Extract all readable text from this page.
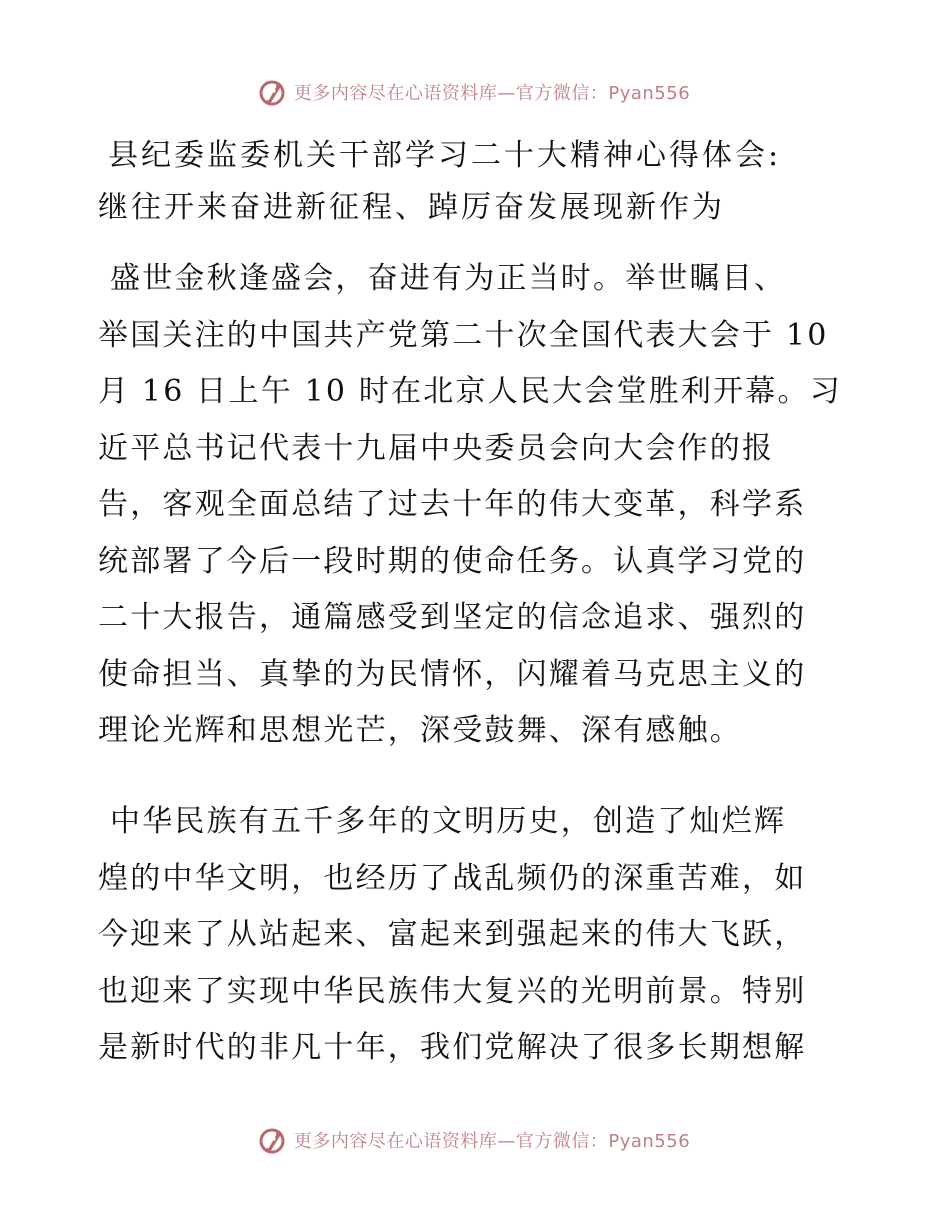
更多内容尽在心语资料库—官方微信：Pyan556
县纪委监委机关干部学习二十大精神心得体会:
继往开来奋进新征程、踔厉奋发展现新作为
盛世金秋逢盛会，奋进有为正当时。举世瞩目、
举国关注的中国共产党第二十次全国代表大会于 10
月 16 日上午 10 时在北京人民大会堂胜利开幕。习
近平总书记代表十九届中央委员会向大会作的报
告，客观全面总结了过去十年的伟大变革，科学系
统部署了今后一段时期的使命任务。认真学习党的
二十大报告，通篇感受到坚定的信念追求、强烈的
使命担当、真挚的为民情怀，闪耀着马克思主义的
理论光辉和思想光芒，深受鼓舞、深有感触。
中华民族有五千多年的文明历史，创造了灿烂辉
煌的中华文明，也经历了战乱频仍的深重苦难，如
今迎来了从站起来、富起来到强起来的伟大飞跃，
也迎来了实现中华民族伟大复兴的光明前景。特别
是新时代的非凡十年，我们党解决了很多长期想解
更多内容尽在心语资料库—官方微信：Pyan556
